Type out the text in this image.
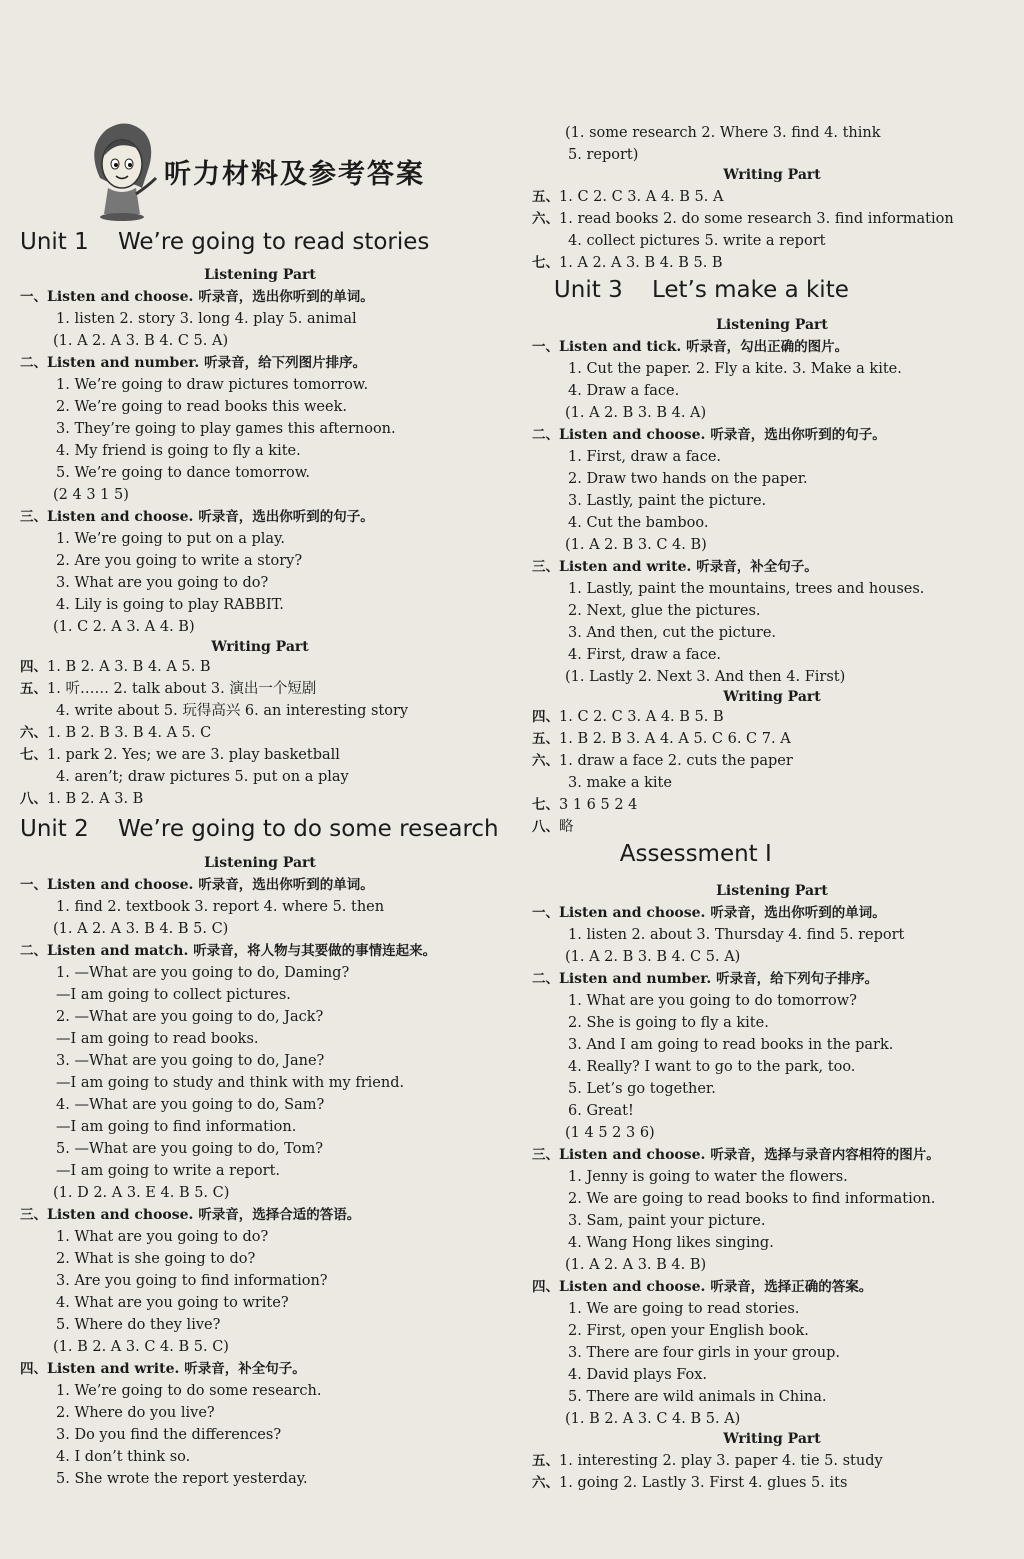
听力材料及参考答案
Unit 1    We’re going to read stories
Listening Part
一、Listen and choose. 听录音，选出你听到的单词。
1. listen 2. story 3. long 4. play 5. animal
(1. A 2. A 3. B 4. C 5. A)
二、Listen and number. 听录音，给下列图片排序。
1. We’re going to draw pictures tomorrow.
2. We’re going to read books this week.
3. They’re going to play games this afternoon.
4. My friend is going to fly a kite.
5. We’re going to dance tomorrow.
(2 4 3 1 5)
三、Listen and choose. 听录音，选出你听到的句子。
1. We’re going to put on a play.
2. Are you going to write a story?
3. What are you going to do?
4. Lily is going to play RABBIT.
(1. C 2. A 3. A 4. B)
Writing Part
四、1. B 2. A 3. B 4. A 5. B
五、1. 听…… 2. talk about 3. 演出一个短剧
4. write about 5. 玩得高兴 6. an interesting story
六、1. B 2. B 3. B 4. A 5. C
七、1. park 2. Yes; we are 3. play basketball
4. aren’t; draw pictures 5. put on a play
八、1. B 2. A 3. B
Unit 2    We’re going to do some research
Listening Part
一、Listen and choose. 听录音，选出你听到的单词。
1. find 2. textbook 3. report 4. where 5. then
(1. A 2. A 3. B 4. B 5. C)
二、Listen and match. 听录音，将人物与其要做的事情连起来。
1. —What are you going to do, Daming?
—I am going to collect pictures.
2. —What are you going to do, Jack?
—I am going to read books.
3. —What are you going to do, Jane?
—I am going to study and think with my friend.
4. —What are you going to do, Sam?
—I am going to find information.
5. —What are you going to do, Tom?
—I am going to write a report.
(1. D 2. A 3. E 4. B 5. C)
三、Listen and choose. 听录音，选择合适的答语。
1. What are you going to do?
2. What is she going to do?
3. Are you going to find information?
4. What are you going to write?
5. Where do they live?
(1. B 2. A 3. C 4. B 5. C)
四、Listen and write. 听录音，补全句子。
1. We’re going to do some research.
2. Where do you live?
3. Do you find the differences?
4. I don’t think so.
5. She wrote the report yesterday.
(1. some research 2. Where 3. find 4. think
5. report)
Writing Part
五、1. C 2. C 3. A 4. B 5. A
六、1. read books 2. do some research 3. find information
4. collect pictures 5. write a report
七、1. A 2. A 3. B 4. B 5. B
Unit 3    Let’s make a kite
Listening Part
一、Listen and tick. 听录音，勾出正确的图片。
1. Cut the paper. 2. Fly a kite. 3. Make a kite.
4. Draw a face.
(1. A 2. B 3. B 4. A)
二、Listen and choose. 听录音，选出你听到的句子。
1. First, draw a face.
2. Draw two hands on the paper.
3. Lastly, paint the picture.
4. Cut the bamboo.
(1. A 2. B 3. C 4. B)
三、Listen and write. 听录音，补全句子。
1. Lastly, paint the mountains, trees and houses.
2. Next, glue the pictures.
3. And then, cut the picture.
4. First, draw a face.
(1. Lastly 2. Next 3. And then 4. First)
Writing Part
四、1. C 2. C 3. A 4. B 5. B
五、1. B 2. B 3. A 4. A 5. C 6. C 7. A
六、1. draw a face 2. cuts the paper
3. make a kite
七、3 1 6 5 2 4
八、略
Assessment Ⅰ
Listening Part
一、Listen and choose. 听录音，选出你听到的单词。
1. listen 2. about 3. Thursday 4. find 5. report
(1. A 2. B 3. B 4. C 5. A)
二、Listen and number. 听录音，给下列句子排序。
1. What are you going to do tomorrow?
2. She is going to fly a kite.
3. And I am going to read books in the park.
4. Really? I want to go to the park, too.
5. Let’s go together.
6. Great!
(1 4 5 2 3 6)
三、Listen and choose. 听录音，选择与录音内容相符的图片。
1. Jenny is going to water the flowers.
2. We are going to read books to find information.
3. Sam, paint your picture.
4. Wang Hong likes singing.
(1. A 2. A 3. B 4. B)
四、Listen and choose. 听录音，选择正确的答案。
1. We are going to read stories.
2. First, open your English book.
3. There are four girls in your group.
4. David plays Fox.
5. There are wild animals in China.
(1. B 2. A 3. C 4. B 5. A)
Writing Part
五、1. interesting 2. play 3. paper 4. tie 5. study
六、1. going 2. Lastly 3. First 4. glues 5. its
